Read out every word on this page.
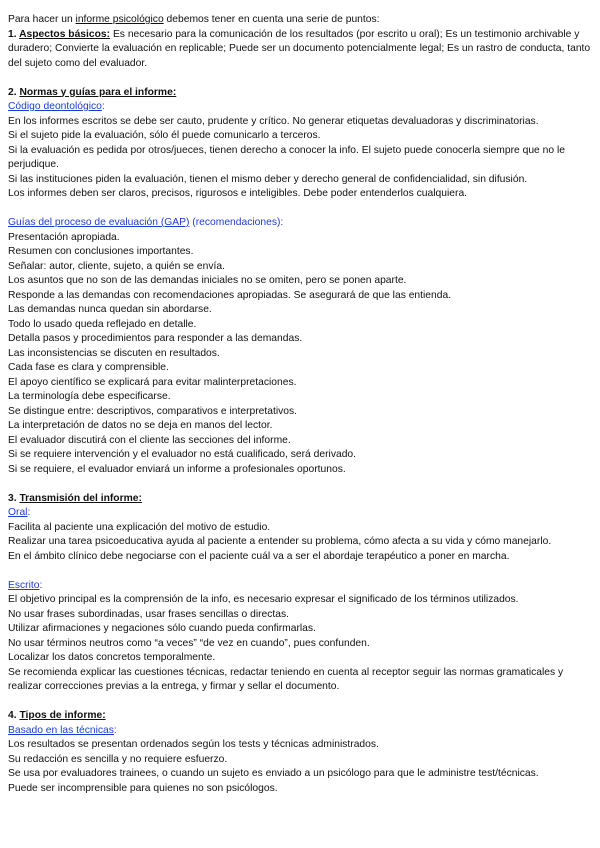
Para hacer un informe psicológico debemos tener en cuenta una serie de puntos:

1. Aspectos básicos: Es necesario para la comunicación de los resultados (por escrito u oral); Es un testimonio archivable y duradero; Convierte la evaluación en replicable; Puede ser un documento potencialmente legal; Es un rastro de conducta, tanto del sujeto como del evaluador.

2. Normas y guías para el informe:

Código deontológico:

En los informes escritos se debe ser cauto, prudente y crítico. No generar etiquetas devaluadoras y discriminatorias.

Si el sujeto pide la evaluación, sólo él puede comunicarlo a terceros.

Si la evaluación es pedida por otros/jueces, tienen derecho a conocer la info. El sujeto puede conocerla siempre que no le perjudique.

Si las instituciones piden la evaluación, tienen el mismo deber y derecho general de confidencialidad, sin difusión.

Los informes deben ser claros, precisos, rigurosos e inteligibles. Debe poder entenderlos cualquiera.

Guías del proceso de evaluación (GAP) (recomendaciones):

Presentación apropiada.

Resumen con conclusiones importantes.

Señalar: autor, cliente, sujeto, a quién se envía.

Los asuntos que no son de las demandas iniciales no se omiten, pero se ponen aparte.

Responde a las demandas con recomendaciones apropiadas. Se asegurará de que las entienda.

Las demandas nunca quedan sin abordarse.

Todo lo usado queda reflejado en detalle.

Detalla pasos y procedimientos para responder a las demandas.

Las inconsistencias se discuten en resultados.

Cada fase es clara y comprensible.

El apoyo científico se explicará para evitar malinterpretaciones.

La terminología debe especificarse.

Se distingue entre: descriptivos, comparativos e interpretativos.

La interpretación de datos no se deja en manos del lector.

El evaluador discutirá con el cliente las secciones del informe.

Si se requiere intervención y el evaluador no está cualificado, será derivado.

Si se requiere, el evaluador enviará un informe a profesionales oportunos.

3. Transmisión del informe:

Oral:

Facilita al paciente una explicación del motivo de estudio.

Realizar una tarea psicoeducativa ayuda al paciente a entender su problema, cómo afecta a su vida y cómo manejarlo.

En el ámbito clínico debe negociarse con el paciente cuál va a ser el abordaje terapéutico a poner en marcha.

Escrito:

El objetivo principal es la comprensión de la info, es necesario expresar el significado de los términos utilizados.

No usar frases subordinadas, usar frases sencillas o directas.

Utilizar afirmaciones y negaciones sólo cuando pueda confirmarlas.

No usar términos neutros como “a veces” “de vez en cuando”, pues confunden.

Localizar los datos concretos temporalmente.

Se recomienda explicar las cuestiones técnicas, redactar teniendo en cuenta al receptor seguir las normas gramaticales y realizar correcciones previas a la entrega, y firmar y sellar el documento.

4. Tipos de informe:

Basado en las técnicas:

Los resultados se presentan ordenados según los tests y técnicas administrados.

Su redacción es sencilla y no requiere esfuerzo.

Se usa por evaluadores trainees, o cuando un sujeto es enviado a un psicólogo para que le administre test/técnicas.

Puede ser incomprensible para quienes no son psicólogos.
